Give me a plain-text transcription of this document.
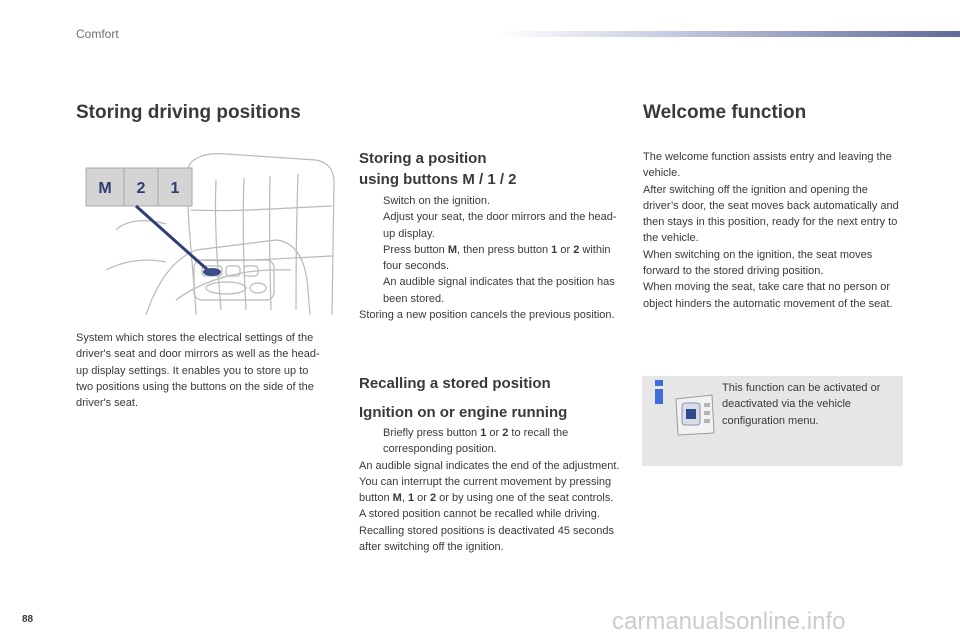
Comfort
Storing driving positions
M 2 1
System which stores the electrical settings of the driver's seat and door mirrors as well as the head-up display settings. It enables you to store up to two positions using the buttons on the side of the driver's seat.
Storing a position
using buttons M / 1 / 2
Switch on the ignition.
Adjust your seat, the door mirrors and the head-up display.
Press button M, then press button 1 or 2 within four seconds.
An audible signal indicates that the position has been stored.

Storing a new position cancels the previous position.

Recalling a stored position
Ignition on or engine running
Briefly press button 1 or 2 to recall the corresponding position.

An audible signal indicates the end of the adjustment.

You can interrupt the current movement by pressing button M, 1 or 2 or by using one of the seat controls.

A stored position cannot be recalled while driving.

Recalling stored positions is deactivated 45 seconds after switching off the ignition.

Welcome function

The welcome function assists entry and leaving the vehicle.

After switching off the ignition and opening the driver’s door, the seat moves back automatically and then stays in this position, ready for the next entry to the vehicle.

When switching on the ignition, the seat moves forward to the stored driving position.

When moving the seat, take care that no person or object hinders the automatic movement of the seat.

This function can be activated or deactivated via the vehicle configuration menu.
88	carmanualsonline.info
